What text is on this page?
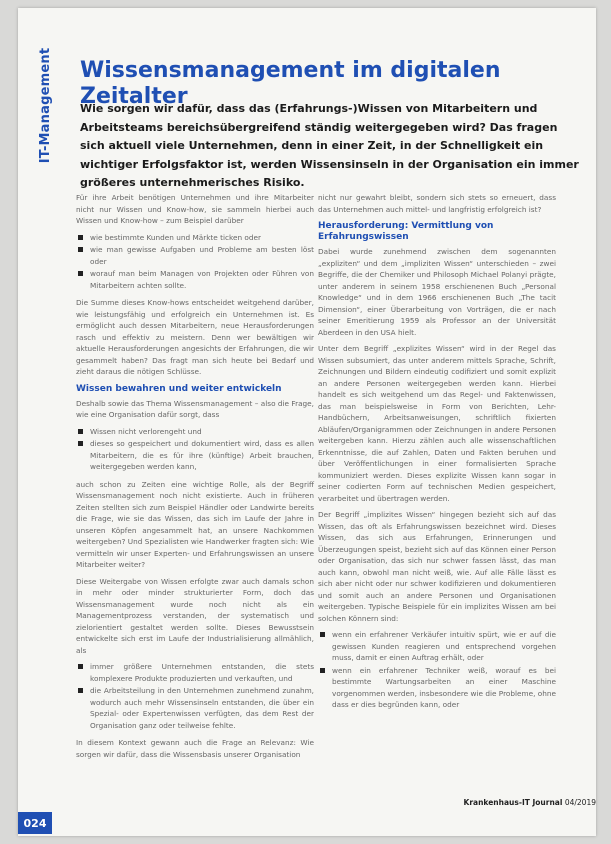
IT-Management Wissensmanagement im digitalen Zeitalter

Wie sorgen wir dafür, dass das (Erfahrungs-)Wissen von Mitarbeitern und Arbeitsteams bereichsübergreifend ständig weitergegeben wird? Das fragen sich aktuell viele Unternehmen, denn in einer Zeit, in der Schnelligkeit ein wichtiger Erfolgsfaktor ist, werden Wissensinseln in der Organisation ein immer größeres unternehmerisches Risiko.

Für ihre Arbeit benötigen Unternehmen und ihre Mitarbeiter nicht nur Wissen und Know-how, sie sammeln hierbei auch Wissen und Know-how – zum Beispiel darüber

wie bestimmte Kunden und Märkte ticken oder
wie man gewisse Aufgaben und Probleme am besten löst oder
worauf man beim Managen von Projekten oder Führen von Mitarbeitern achten sollte.

Die Summe dieses Know-hows entscheidet weitgehend darüber, wie leistungsfähig und erfolgreich ein Unternehmen ist. Es ermöglicht auch dessen Mitarbeitern, neue Herausforderungen rasch und effektiv zu meistern. Denn wer bewältigen wir aktuelle Herausforderungen angesichts der Erfahrungen, die wir gesammelt haben? Das fragt man sich heute bei Bedarf und zieht daraus die nötigen Schlüsse.

Wissen bewahren und weiter entwickeln

Deshalb sowie das Thema Wissensmanagement – also die Frage, wie eine Organisation dafür sorgt, dass

Wissen nicht verlorengeht und
dieses so gespeichert und dokumentiert wird, dass es allen Mitarbeitern, die es für ihre (künftige) Arbeit brauchen, weitergegeben werden kann,

auch schon zu Zeiten eine wichtige Rolle, als der Begriff Wissensmanagement noch nicht existierte. Auch in früheren Zeiten stellten sich zum Beispiel Händler oder Landwirte bereits die Frage, wie sie das Wissen, das sich im Laufe der Jahre in unseren Köpfen angesammelt hat, an unsere Nachkommen weitergeben? Und Spezialisten wie Handwerker fragten sich: Wie vermitteln wir unser Experten- und Erfahrungswissen an unsere Mitarbeiter weiter?

Diese Weitergabe von Wissen erfolgte zwar auch damals schon in mehr oder minder strukturierter Form, doch das Wissensmanagement wurde noch nicht als ein Managementprozess verstanden, der systematisch und zielorientiert gestaltet werden sollte. Dieses Bewusstsein entwickelte sich erst im Laufe der Industrialisierung allmählich, als

immer größere Unternehmen entstanden, die stets komplexere Produkte produzierten und verkauften, und
die Arbeitsteilung in den Unternehmen zunehmend zunahm, wodurch auch mehr Wissensinseln entstanden, die über ein Spezial- oder Expertenwissen verfügten, das dem Rest der Organisation ganz oder teilweise fehlte.

In diesem Kontext gewann auch die Frage an Relevanz: Wie sorgen wir dafür, dass die Wissensbasis unserer Organisation

nicht nur gewahrt bleibt, sondern sich stets so erneuert, dass das Unternehmen auch mittel- und langfristig erfolgreich ist?

Herausforderung: Vermittlung von Erfahrungswissen

Dabei wurde zunehmend zwischen dem sogenannten „expliziten“ und dem „impliziten Wissen“ unterschieden – zwei Begriffe, die der Chemiker und Philosoph Michael Polanyi prägte, unter anderem in seinem 1958 erschienenen Buch „Personal Knowledge“ und in dem 1966 erschienenen Buch „The tacit Dimension“, einer Überarbeitung von Vorträgen, die er nach seiner Emeritierung 1959 als Professor an der Universität Aberdeen in den USA hielt.

Unter dem Begriff „explizites Wissen“ wird in der Regel das Wissen subsumiert, das unter anderem mittels Sprache, Schrift, Zeichnungen und Bildern eindeutig codifiziert und somit explizit an andere Personen weitergegeben werden kann. Hierbei handelt es sich weitgehend um das Regel- und Faktenwissen, das man beispielsweise in Form von Berichten, Lehr-Handbüchern, Arbeitsanweisungen, schriftlich fixierten Abläufen/Organigrammen oder Zeichnungen in andere Personen weitergeben kann. Hierzu zählen auch alle wissenschaftlichen Erkenntnisse, die auf Zahlen, Daten und Fakten beruhen und über Veröffentlichungen in einer formalisierten Sprache kommuniziert werden. Dieses explizite Wissen kann sogar in seiner codierten Form auf technischen Medien gespeichert, verarbeitet und übertragen werden.

Der Begriff „implizites Wissen“ hingegen bezieht sich auf das Wissen, das oft als Erfahrungswissen bezeichnet wird. Dieses Wissen, das sich aus Erfahrungen, Erinnerungen und Überzeugungen speist, bezieht sich auf das Können einer Person oder Organisation, das sich nur schwer fassen lässt, das man auch kann, obwohl man nicht weiß, wie. Auf alle Fälle lässt es sich aber nicht oder nur schwer kodifizieren und dokumentieren und somit auch an andere Personen und Organisationen weitergeben. Typische Beispiele für ein implizites Wissen am bei solchen Könnern sind:

wenn ein erfahrener Verkäufer intuitiv spürt, wie er auf die gewissen Kunden reagieren und entsprechend vorgehen muss, damit er einen Auftrag erhält, oder
wenn ein erfahrener Techniker weiß, worauf es bei bestimmte Wartungsarbeiten an einer Maschine vorgenommen werden, insbesondere wie die Probleme, ohne dass er dies begründen kann, oder
Krankenhaus-IT Journal 04/2019
024
